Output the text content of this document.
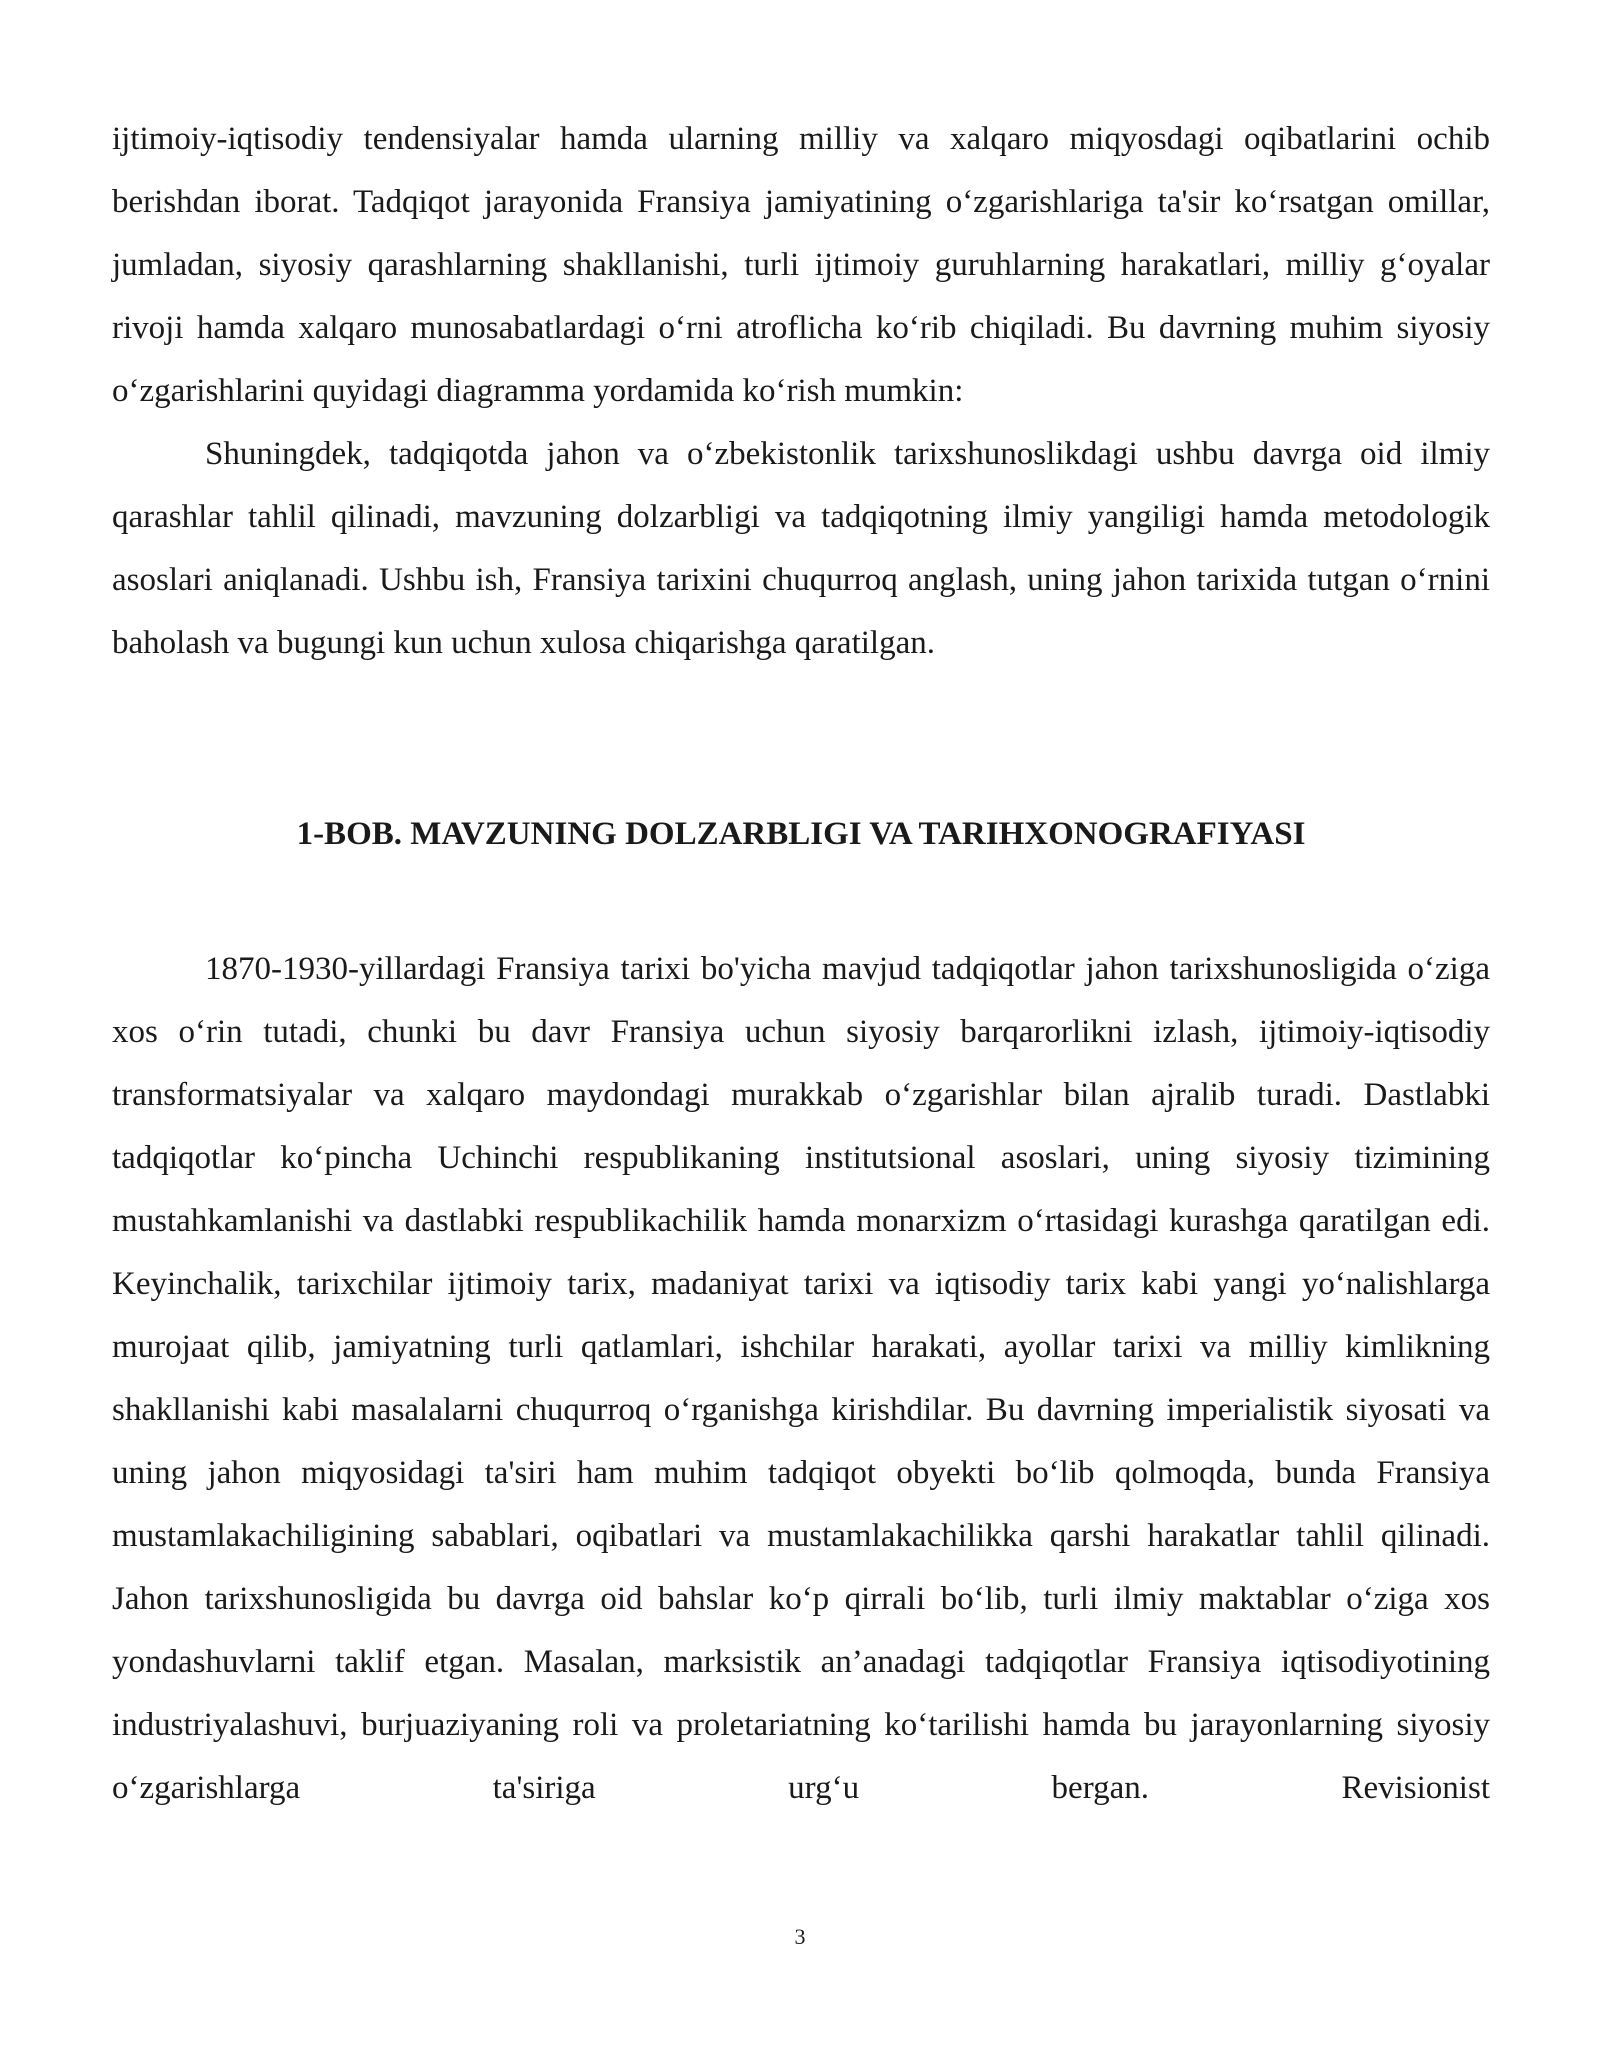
ijtimoiy-iqtisodiy tendensiyalar hamda ularning milliy va xalqaro miqyosdagi oqibatlarini ochib berishdan iborat. Tadqiqot jarayonida Fransiya jamiyatining oʻzgarishlariga ta'sir koʻrsatgan omillar, jumladan, siyosiy qarashlarning shakllanishi, turli ijtimoiy guruhlarning harakatlari, milliy gʻoyalar rivoji hamda xalqaro munosabatlardagi oʻrni atroflicha koʻrib chiqiladi. Bu davrning muhim siyosiy oʻzgarishlarini quyidagi diagramma yordamida koʻrish mumkin:

Shuningdek, tadqiqotda jahon va oʻzbekistonlik tarixshunoslikdagi ushbu davrga oid ilmiy qarashlar tahlil qilinadi, mavzuning dolzarbligi va tadqiqotning ilmiy yangiligi hamda metodologik asoslari aniqlanadi. Ushbu ish, Fransiya tarixini chuqurroq anglash, uning jahon tarixida tutgan oʻrnini baholash va bugungi kun uchun xulosa chiqarishga qaratilgan.

1-BOB. MAVZUNING DOLZARBLIGI VA TARIHXONOGRAFIYASI

1870-1930-yillardagi Fransiya tarixi bo'yicha mavjud tadqiqotlar jahon tarixshunosligida oʻziga xos oʻrin tutadi, chunki bu davr Fransiya uchun siyosiy barqarorlikni izlash, ijtimoiy-iqtisodiy transformatsiyalar va xalqaro maydondagi murakkab oʻzgarishlar bilan ajralib turadi. Dastlabki tadqiqotlar koʻpincha Uchinchi respublikaning institutsional asoslari, uning siyosiy tizimining mustahkamlanishi va dastlabki respublikachilik hamda monarxizm oʻrtasidagi kurashga qaratilgan edi. Keyinchalik, tarixchilar ijtimoiy tarix, madaniyat tarixi va iqtisodiy tarix kabi yangi yoʻnalishlarga murojaat qilib, jamiyatning turli qatlamlari, ishchilar harakati, ayollar tarixi va milliy kimlikning shakllanishi kabi masalalarni chuqurroq oʻrganishga kirishdilar. Bu davrning imperialistik siyosati va uning jahon miqyosidagi ta'siri ham muhim tadqiqot obyekti boʻlib qolmoqda, bunda Fransiya mustamlakachiligining sabablari, oqibatlari va mustamlakachilikka qarshi harakatlar tahlil qilinadi. Jahon tarixshunosligida bu davrga oid bahslar koʻp qirrali boʻlib, turli ilmiy maktablar oʻziga xos yondashuvlarni taklif etgan. Masalan, marksistik an’anadagi tadqiqotlar Fransiya iqtisodiyotining industriyalashuvi, burjuaziyaning roli va proletariatning koʻtarilishi hamda bu jarayonlarning siyosiy oʻzgarishlarga ta'siriga urgʻu bergan. Revisionist

3
